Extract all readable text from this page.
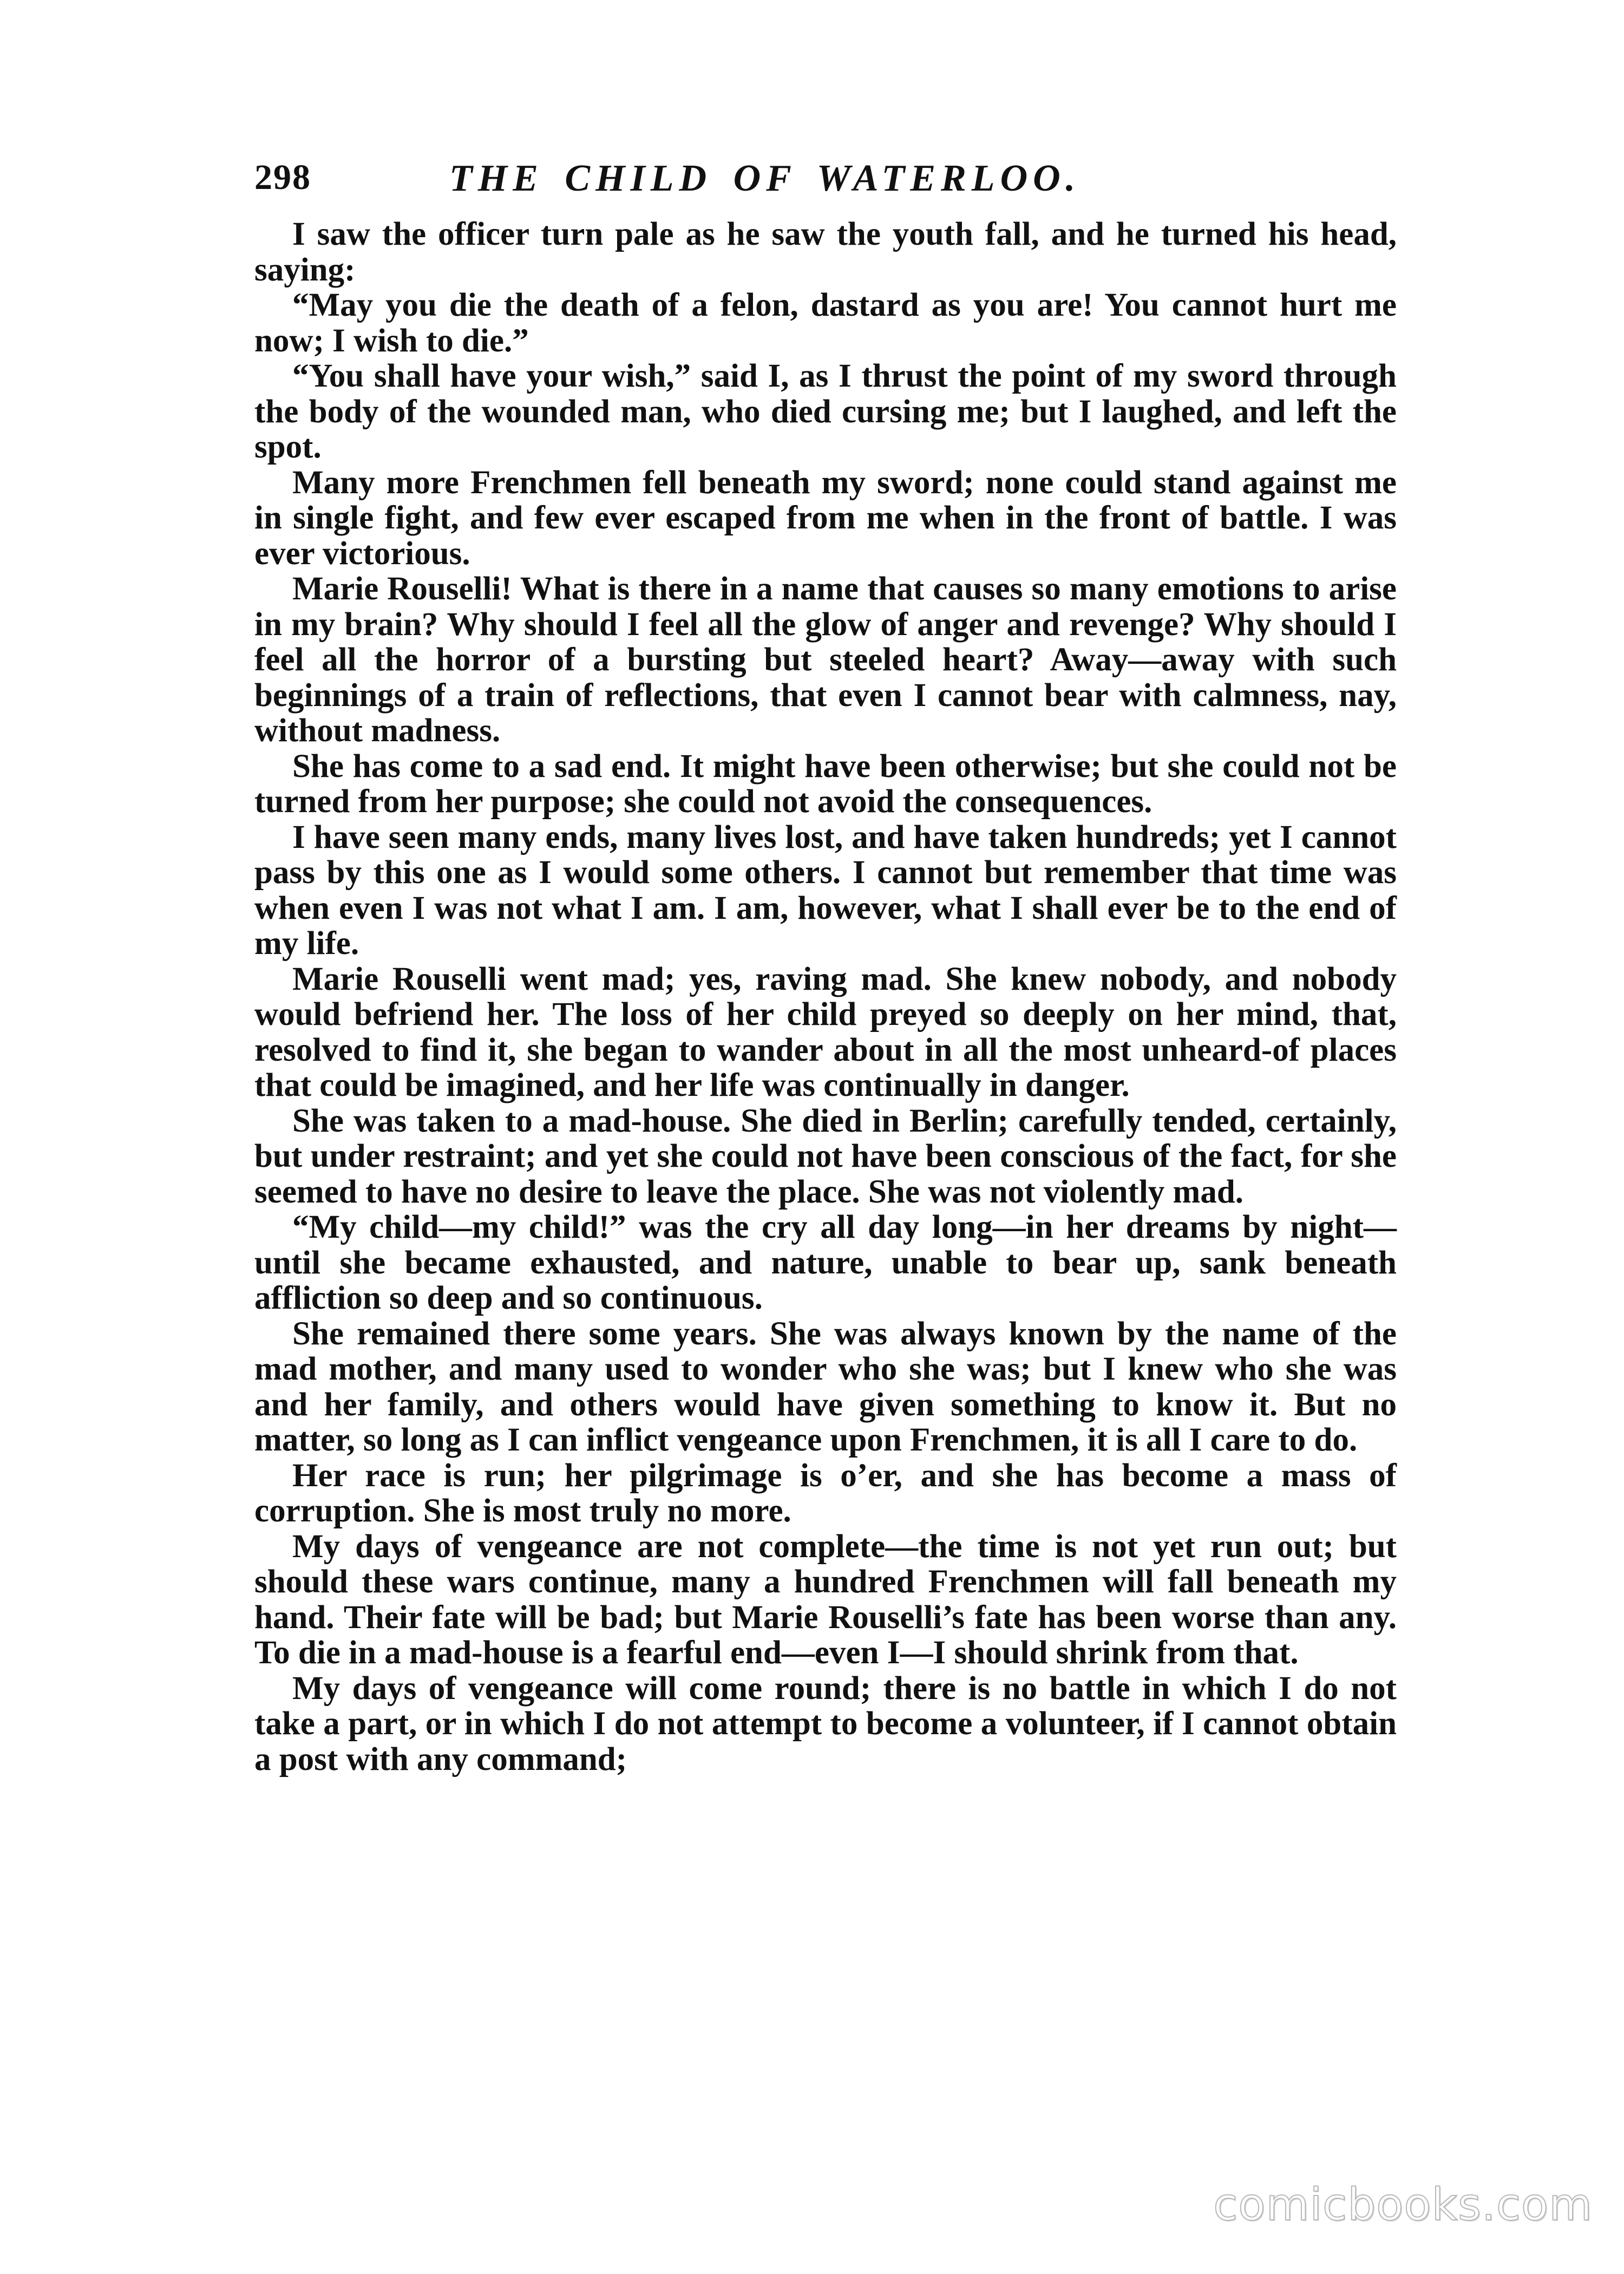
298	THE CHILD OF WATERLOO.

I saw the officer turn pale as he saw the youth fall, and he turned his head, saying:

“May you die the death of a felon, dastard as you are! You cannot hurt me now; I wish to die.”

“You shall have your wish,” said I, as I thrust the point of my sword through the body of the wounded man, who died cursing me; but I laughed, and left the spot.

Many more Frenchmen fell beneath my sword; none could stand against me in single fight, and few ever escaped from me when in the front of battle. I was ever victorious.

Marie Rouselli! What is there in a name that causes so many emotions to arise in my brain? Why should I feel all the glow of anger and revenge? Why should I feel all the horror of a bursting but steeled heart? Away—away with such beginnings of a train of reflections, that even I cannot bear with calmness, nay, without madness.

She has come to a sad end. It might have been otherwise; but she could not be turned from her purpose; she could not avoid the consequences.

I have seen many ends, many lives lost, and have taken hundreds; yet I cannot pass by this one as I would some others. I cannot but remember that time was when even I was not what I am. I am, however, what I shall ever be to the end of my life.

Marie Rouselli went mad; yes, raving mad. She knew nobody, and nobody would befriend her. The loss of her child preyed so deeply on her mind, that, resolved to find it, she began to wander about in all the most unheard-of places that could be imagined, and her life was continually in danger.

She was taken to a mad-house. She died in Berlin; carefully tended, certainly, but under restraint; and yet she could not have been conscious of the fact, for she seemed to have no desire to leave the place. She was not violently mad.

“My child—my child!” was the cry all day long—in her dreams by night—until she became exhausted, and nature, unable to bear up, sank beneath affliction so deep and so continuous.

She remained there some years. She was always known by the name of the mad mother, and many used to wonder who she was; but I knew who she was and her family, and others would have given something to know it. But no matter, so long as I can inflict vengeance upon Frenchmen, it is all I care to do.

Her race is run; her pilgrimage is o’er, and she has become a mass of corruption. She is most truly no more.

My days of vengeance are not complete—the time is not yet run out; but should these wars continue, many a hundred Frenchmen will fall beneath my hand. Their fate will be bad; but Marie Rouselli’s fate has been worse than any. To die in a mad-house is a fearful end—even I—I should shrink from that.

My days of vengeance will come round; there is no battle in which I do not take a part, or in which I do not attempt to become a volunteer, if I cannot obtain a post with any command;

comicbooks.com
